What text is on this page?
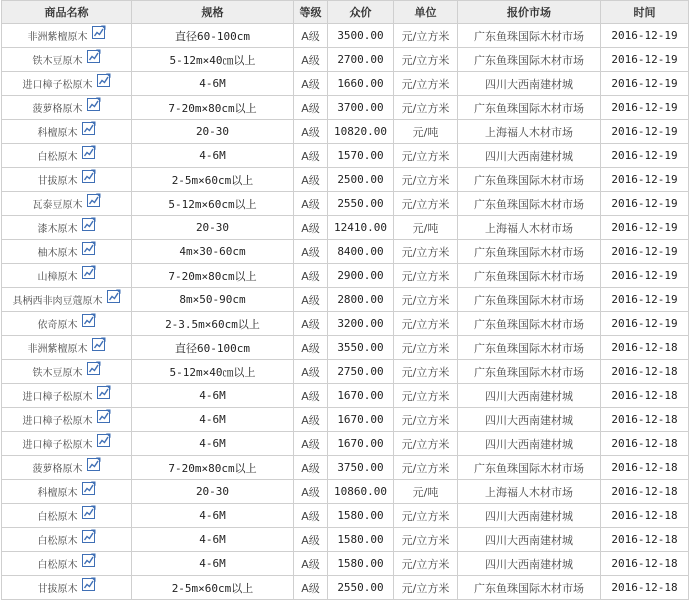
商品名称	规格	等级	众价	单位	报价市场	时间
非洲紫檀原木	直径60-100cm	A级	3500.00	元/立方米	广东鱼珠国际木材市场	2016-12-19
铁木豆原木	5-12m×40㎝以上	A级	2700.00	元/立方米	广东鱼珠国际木材市场	2016-12-19
进口樟子松原木	4-6M	A级	1660.00	元/立方米	四川大西南建材城	2016-12-19
菠萝格原木	7-20m×80cm以上	A级	3700.00	元/立方米	广东鱼珠国际木材市场	2016-12-19
科檀原木	20-30	A级	10820.00	元/吨	上海福人木材市场	2016-12-19
白松原木	4-6M	A级	1570.00	元/立方米	四川大西南建材城	2016-12-19
甘拔原木	2-5m×60cm以上	A级	2500.00	元/立方米	广东鱼珠国际木材市场	2016-12-19
瓦泰豆原木	5-12m×60cm以上	A级	2550.00	元/立方米	广东鱼珠国际木材市场	2016-12-19
漆木原木	20-30	A级	12410.00	元/吨	上海福人木材市场	2016-12-19
柚木原木	4m×30-60cm	A级	8400.00	元/立方米	广东鱼珠国际木材市场	2016-12-19
山樟原木	7-20m×80cm以上	A级	2900.00	元/立方米	广东鱼珠国际木材市场	2016-12-19
具柄西非肉豆蔻原木	8m×50-90cm	A级	2800.00	元/立方米	广东鱼珠国际木材市场	2016-12-19
依奇原木	2-3.5m×60cm以上	A级	3200.00	元/立方米	广东鱼珠国际木材市场	2016-12-19
非洲紫檀原木	直径60-100cm	A级	3550.00	元/立方米	广东鱼珠国际木材市场	2016-12-18
铁木豆原木	5-12m×40㎝以上	A级	2750.00	元/立方米	广东鱼珠国际木材市场	2016-12-18
进口樟子松原木	4-6M	A级	1670.00	元/立方米	四川大西南建材城	2016-12-18
进口樟子松原木	4-6M	A级	1670.00	元/立方米	四川大西南建材城	2016-12-18
进口樟子松原木	4-6M	A级	1670.00	元/立方米	四川大西南建材城	2016-12-18
菠萝格原木	7-20m×80cm以上	A级	3750.00	元/立方米	广东鱼珠国际木材市场	2016-12-18
科檀原木	20-30	A级	10860.00	元/吨	上海福人木材市场	2016-12-18
白松原木	4-6M	A级	1580.00	元/立方米	四川大西南建材城	2016-12-18
白松原木	4-6M	A级	1580.00	元/立方米	四川大西南建材城	2016-12-18
白松原木	4-6M	A级	1580.00	元/立方米	四川大西南建材城	2016-12-18
甘拔原木	2-5m×60cm以上	A级	2550.00	元/立方米	广东鱼珠国际木材市场	2016-12-18
